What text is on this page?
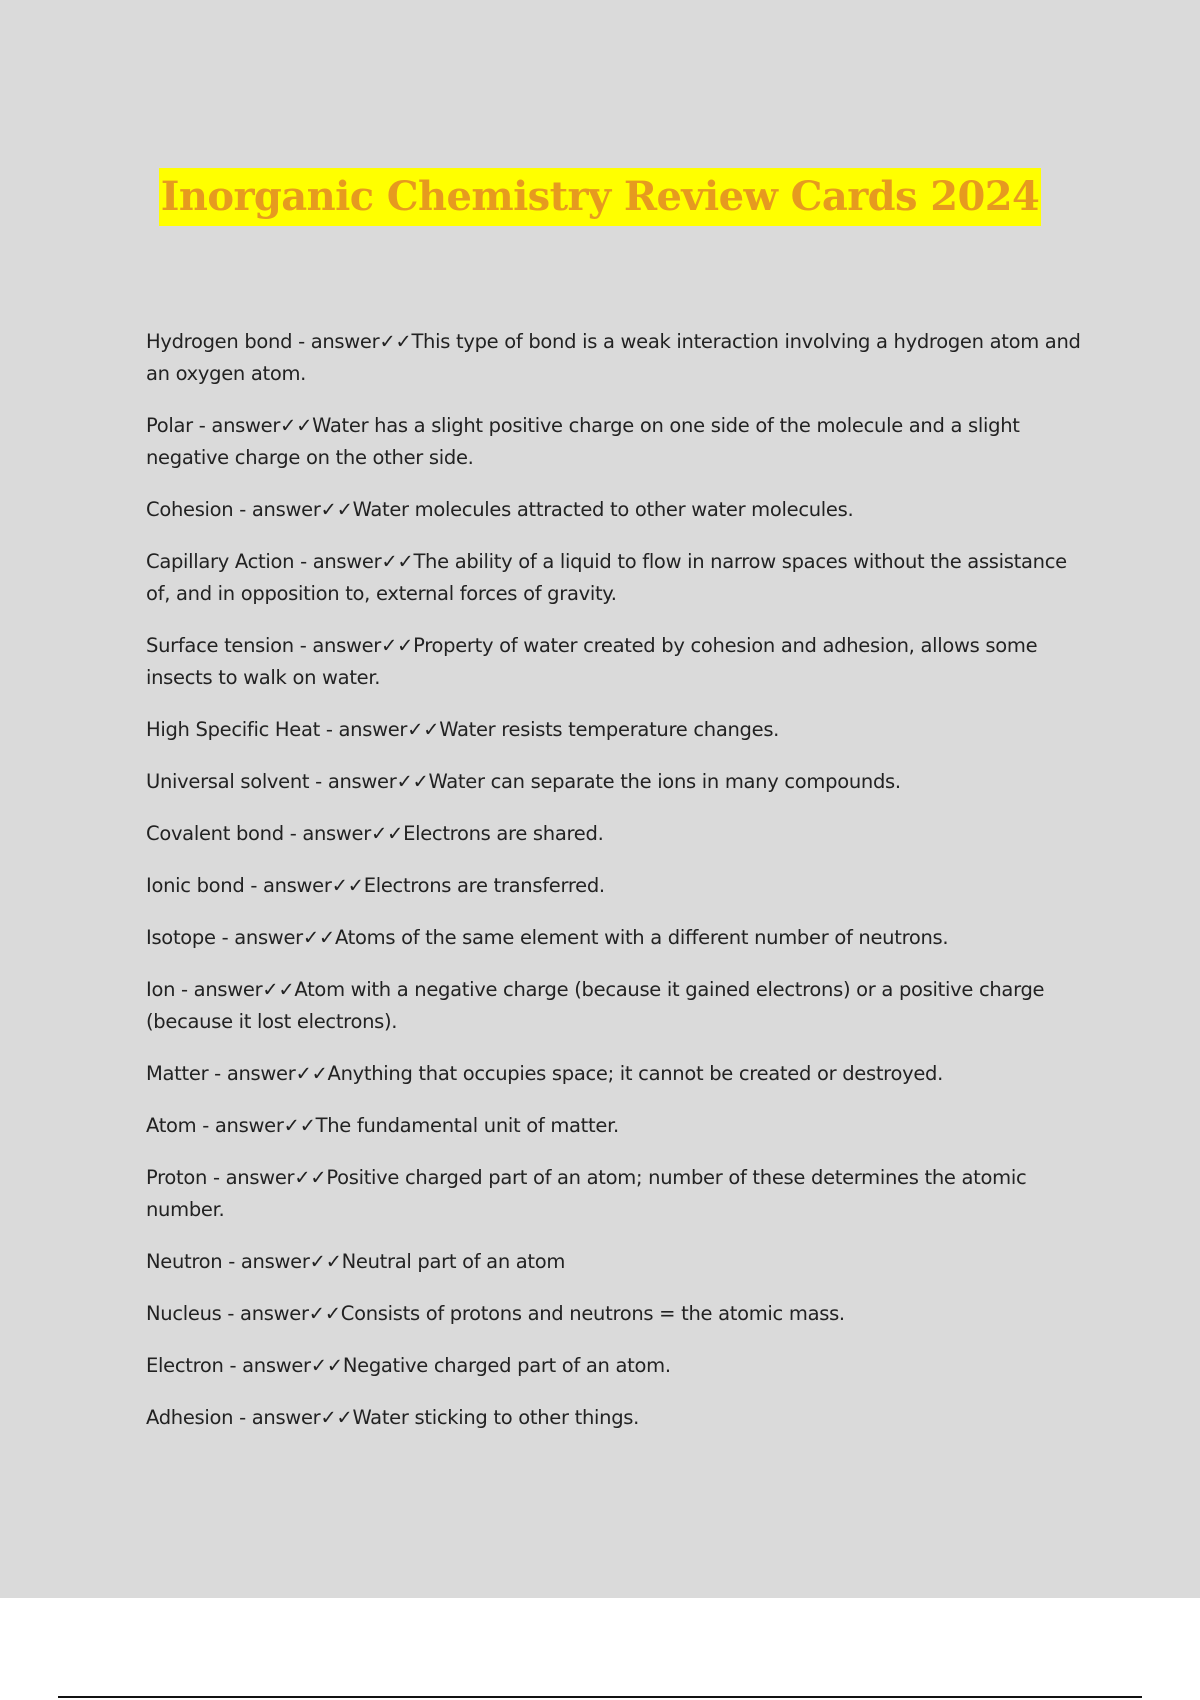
Inorganic Chemistry Review Cards 2024

Hydrogen bond - answer✓✓This type of bond is a weak interaction involving a hydrogen atom and an oxygen atom.

Polar - answer✓✓Water has a slight positive charge on one side of the molecule and a slight negative charge on the other side.

Cohesion - answer✓✓Water molecules attracted to other water molecules.

Capillary Action - answer✓✓The ability of a liquid to flow in narrow spaces without the assistance of, and in opposition to, external forces of gravity.

Surface tension - answer✓✓Property of water created by cohesion and adhesion, allows some insects to walk on water.

High Specific Heat - answer✓✓Water resists temperature changes.

Universal solvent - answer✓✓Water can separate the ions in many compounds.

Covalent bond - answer✓✓Electrons are shared.

Ionic bond - answer✓✓Electrons are transferred.

Isotope - answer✓✓Atoms of the same element with a different number of neutrons.

Ion - answer✓✓Atom with a negative charge (because it gained electrons) or a positive charge (because it lost electrons).

Matter - answer✓✓Anything that occupies space; it cannot be created or destroyed.

Atom - answer✓✓The fundamental unit of matter.

Proton - answer✓✓Positive charged part of an atom; number of these determines the atomic number.

Neutron - answer✓✓Neutral part of an atom

Nucleus - answer✓✓Consists of protons and neutrons = the atomic mass.

Electron - answer✓✓Negative charged part of an atom.

Adhesion - answer✓✓Water sticking to other things.
